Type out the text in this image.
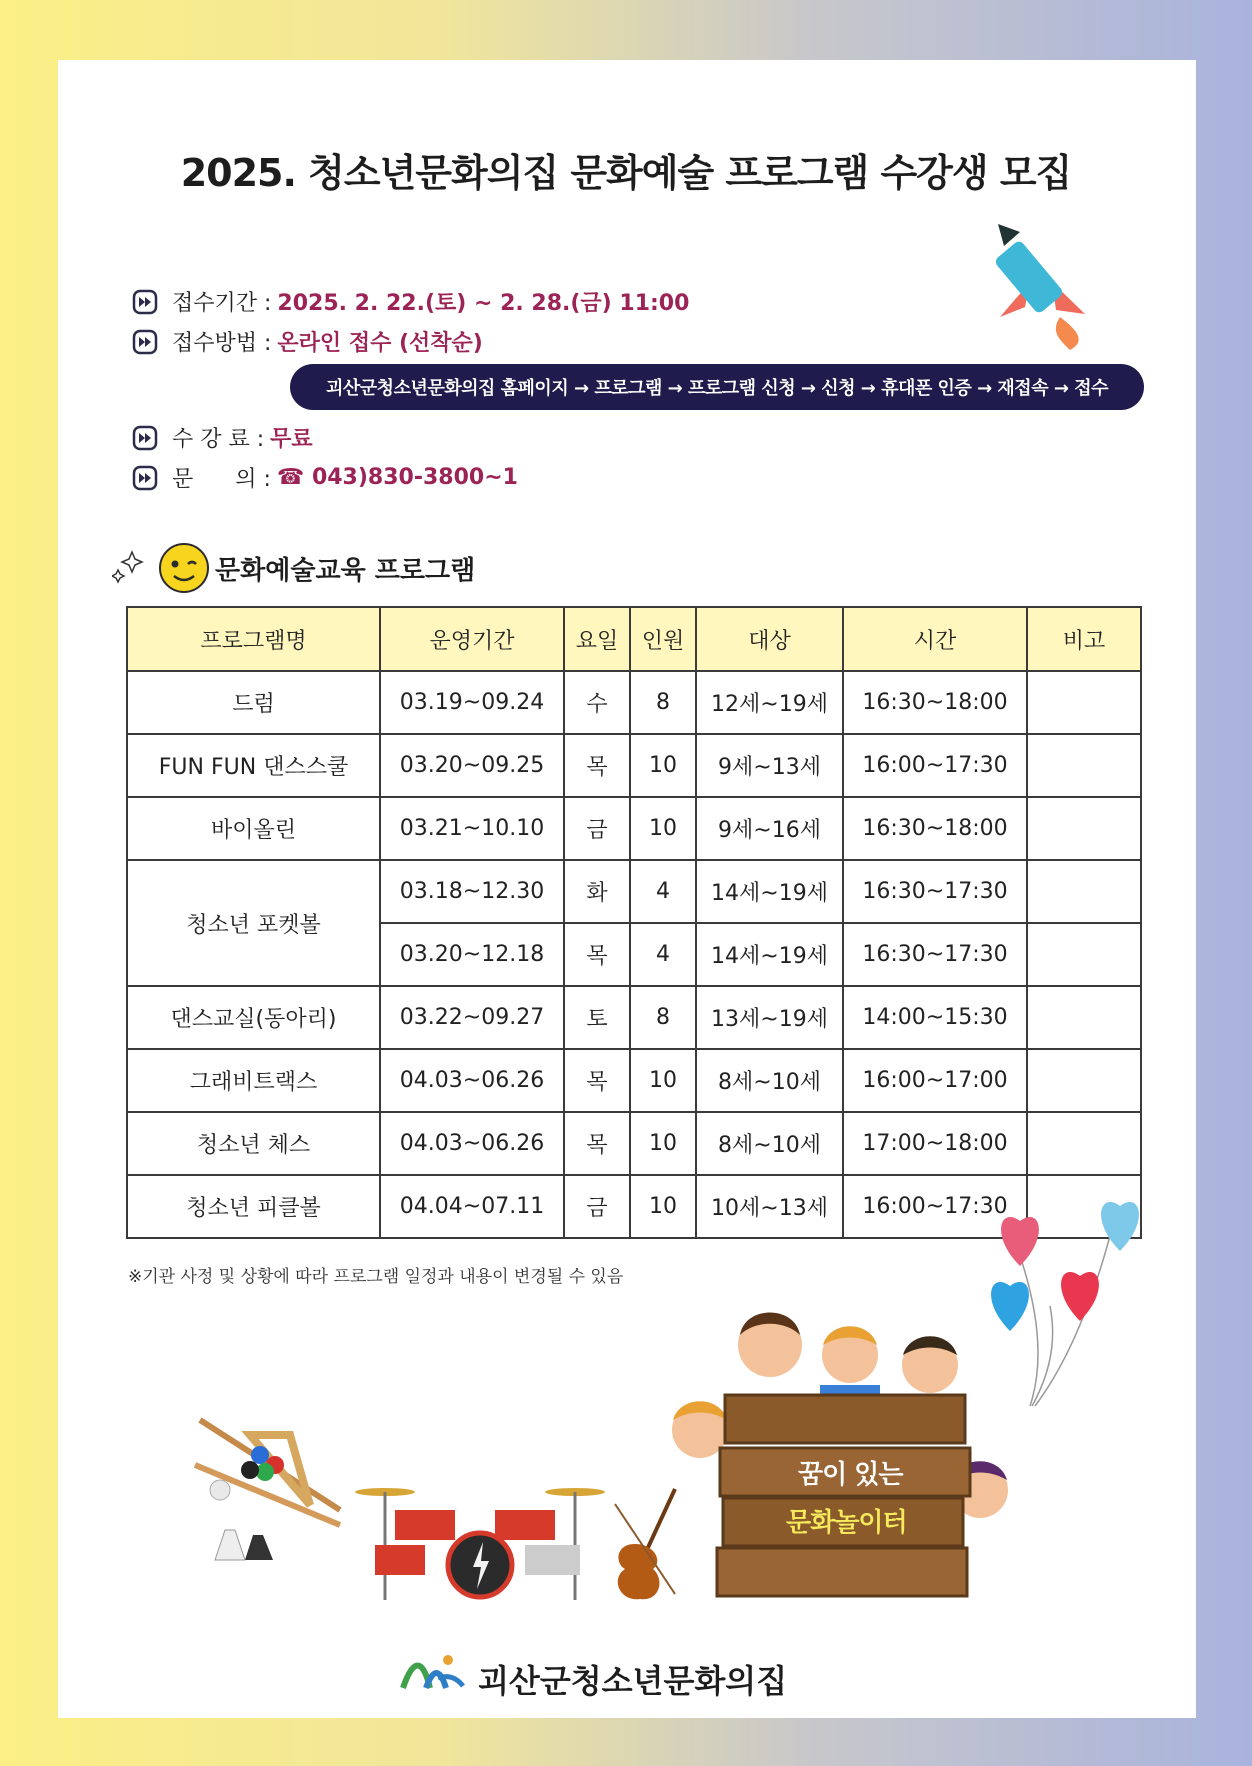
2025. 청소년문화의집 문화예술 프로그램 수강생 모집
접수기간 : 2025. 2. 22.(토) ~ 2. 28.(금) 11:00
접수방법 : 온라인 접수 (선착순)
괴산군청소년문화의집 홈페이지 → 프로그램 → 프로그램 신청 → 신청 → 휴대폰 인증 → 재접속 → 접수
수 강 료 : 무료
문      의 : ☎ 043)830-3800~1
문화예술교육 프로그램
프로그램명	운영기간	요일	인원	대상	시간	비고
드럼	03.19~09.24	수	8	12세~19세	16:30~18:00	
FUN FUN 댄스스쿨	03.20~09.25	목	10	9세~13세	16:00~17:30	
바이올린	03.21~10.10	금	10	9세~16세	16:30~18:00	
청소년 포켓볼	03.18~12.30	화	4	14세~19세	16:30~17:30	
	03.20~12.18	목	4	14세~19세	16:30~17:30	
댄스교실(동아리)	03.22~09.27	토	8	13세~19세	14:00~15:30	
그래비트랙스	04.03~06.26	목	10	8세~10세	16:00~17:00	
청소년 체스	04.03~06.26	목	10	8세~10세	17:00~18:00	
청소년 피클볼	04.04~07.11	금	10	10세~13세	16:00~17:30	
※기관 사정 및 상황에 따라 프로그램 일정과 내용이 변경될 수 있음
꿈이 있는
문화놀이터
괴산군청소년문화의집
